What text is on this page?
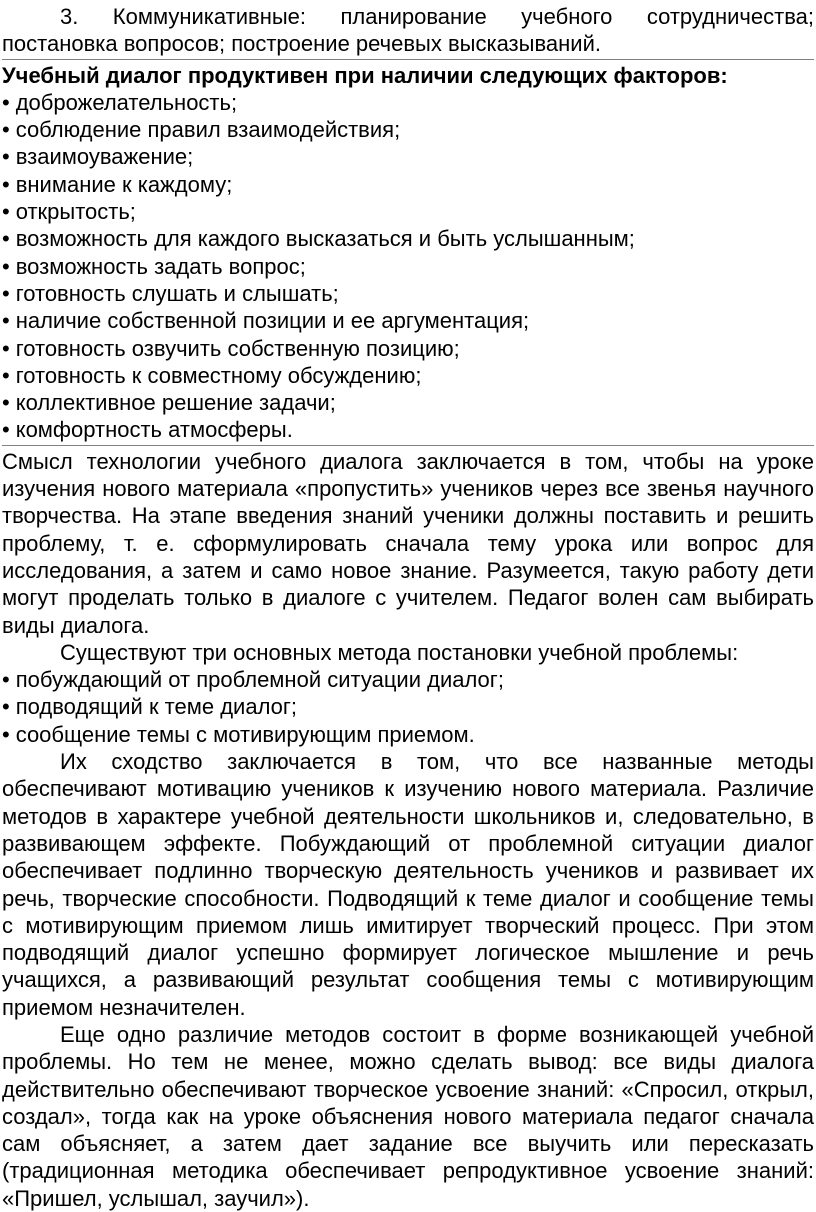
3. Коммуникативные: планирование учебного сотрудничества; постановка вопросов; построение речевых высказываний.

Учебный диалог продуктивен при наличии следующих факторов:

• доброжелательность;
• соблюдение правил взаимодействия;
• взаимоуважение;
• внимание к каждому;
• открытость;
• возможность для каждого высказаться и быть услышанным;
• возможность задать вопрос;
• готовность слушать и слышать;
• наличие собственной позиции и ее аргументация;
• готовность озвучить собственную позицию;
• готовность к совместному обсуждению;
• коллективное решение задачи;
• комфортность атмосферы.

Смысл технологии учебного диалога заключается в том, чтобы на уроке изучения нового материала «пропустить» учеников через все звенья научного творчества. На этапе введения знаний ученики должны поставить и решить проблему, т. е. сформулировать сначала тему урока или вопрос для исследования, а затем и само новое знание. Разумеется, такую работу дети могут проделать только в диалоге с учителем. Педагог волен сам выбирать виды диалога.

Существуют три основных метода постановки учебной проблемы:

• побуждающий от проблемной ситуации диалог;
• подводящий к теме диалог;
• сообщение темы с мотивирующим приемом.

Их сходство заключается в том, что все названные методы обеспечивают мотивацию учеников к изучению нового материала. Различие методов в характере учебной деятельности школьников и, следовательно, в развивающем эффекте. Побуждающий от проблемной ситуации диалог обеспечивает подлинно творческую деятельность учеников и развивает их речь, творческие способности. Подводящий к теме диалог и сообщение темы с мотивирующим приемом лишь имитирует творческий процесс. При этом подводящий диалог успешно формирует логическое мышление и речь учащихся, а развивающий результат сообщения темы с мотивирующим приемом незначителен.

Еще одно различие методов состоит в форме возникающей учебной проблемы. Но тем не менее, можно сделать вывод: все виды диалога действительно обеспечивают творческое усвоение знаний: «Спросил, открыл, создал», тогда как на уроке объяснения нового материала педагог сначала сам объясняет, а затем дает задание все выучить или пересказать (традиционная методика обеспечивает репродуктивное усвоение знаний: «Пришел, услышал, заучил»).
